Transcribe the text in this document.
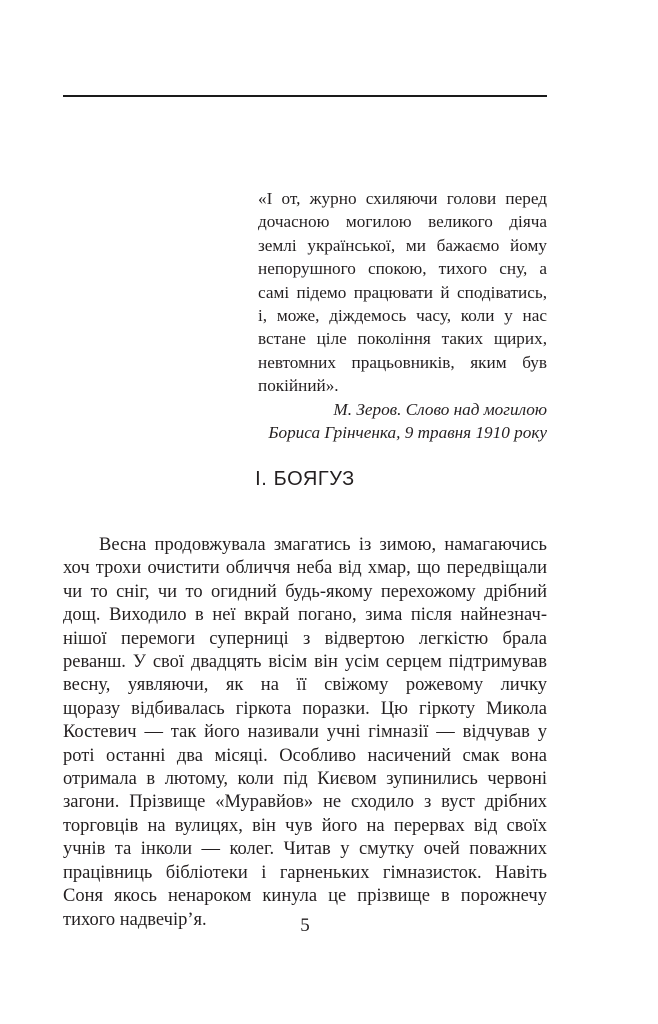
«І от, журно схиляючи голови перед
дочасною могилою великого діяча
землі української, ми бажаємо йому
непорушного спокою, тихого сну, а
самі підемо працювати й сподіватись,
і, може, діждемось часу, коли у нас
встане ціле покоління таких щирих,
невтомних працьовників, яким був
покійний».
М. Зеров. Слово над могилою
Бориса Грінченка, 9 травня 1910 року
І. БОЯГУЗ
Весна продовжувала змагатись із зимою, намагаючись
хоч трохи очистити обличчя неба від хмар, що передвіщали
чи то сніг, чи то огидний будь-якому перехожому дрібний
дощ. Виходило в неї вкрай погано, зима після найнезнач-
нішої перемоги суперниці з відвертою легкістю брала
реванш. У свої двадцять вісім він усім серцем підтримував
весну, уявляючи, як на її свіжому рожевому личку
щоразу відбивалась гіркота поразки. Цю гіркоту Микола
Костевич — так його називали учні гімназії — відчував у
роті останні два місяці. Особливо насичений смак вона
отримала в лютому, коли під Києвом зупинились червоні
загони. Прізвище «Муравйов» не сходило з вуст дрібних
торговців на вулицях, він чув його на перервах від своїх
учнів та інколи — колег. Читав у смутку очей поважних
працівниць бібліотеки і гарненьких гімназисток. Навіть
Соня якось ненароком кинула це прізвище в порожнечу
тихого надвечір’я.	5
